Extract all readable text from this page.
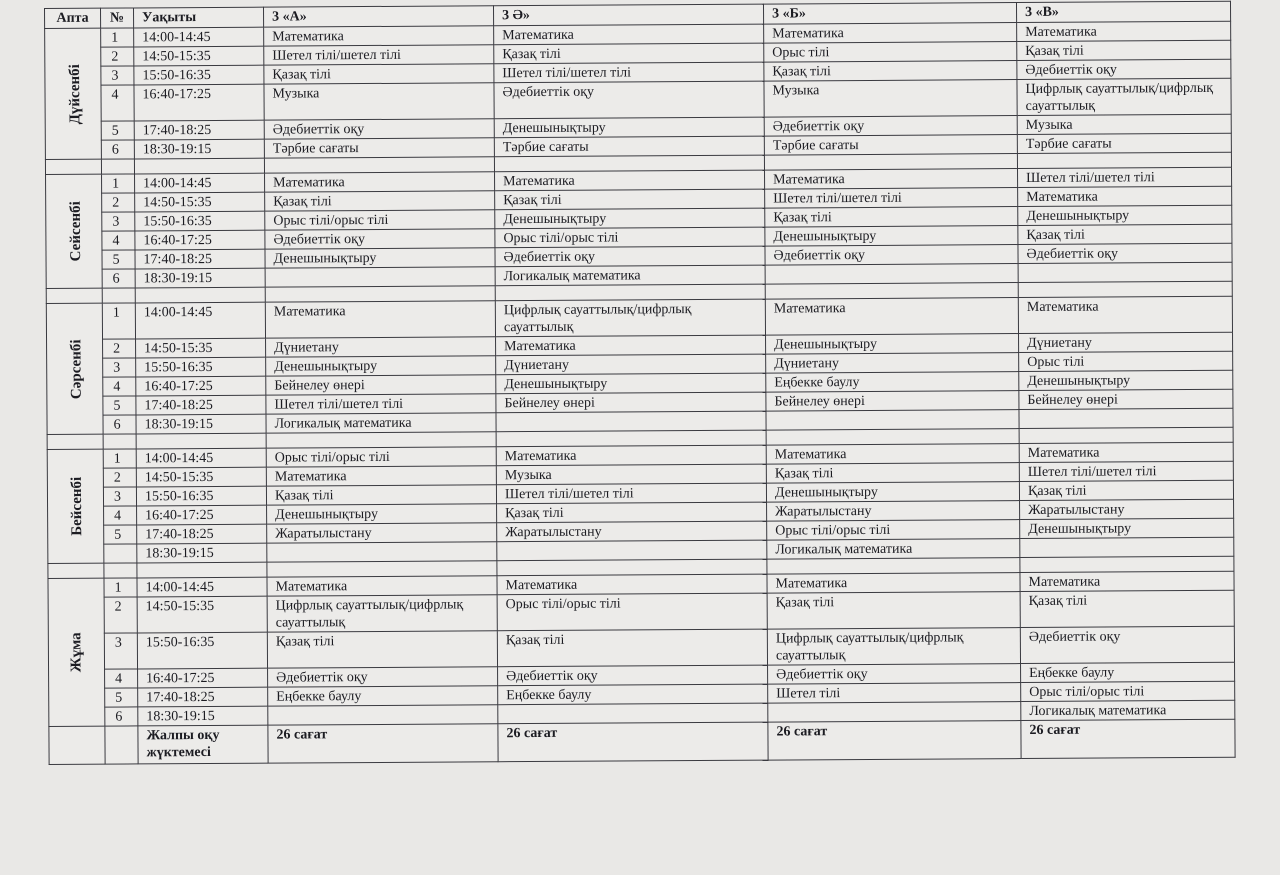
Апта	№	Уақыты	3 «А»	3 Ә»	3 «Б»	3 «В»
Дүйсенбі	1	14:00-14:45	Математика	Математика	Математика	Математика
	2	14:50-15:35	Шетел тілі/шетел тілі	Қазақ тілі	Орыс тілі	Қазақ тілі
	3	15:50-16:35	Қазақ тілі	Шетел тілі/шетел тілі	Қазақ тілі	Әдебиеттік оқу
	4	16:40-17:25	Музыка	Әдебиеттік оқу	Музыка	Цифрлық сауаттылық/цифрлық сауаттылық
	5	17:40-18:25	Әдебиеттік оқу	Денешынықтыру	Әдебиеттік оқу	Музыка
	6	18:30-19:15	Тәрбие сағаты	Тәрбие сағаты	Тәрбие сағаты	Тәрбие сағаты

Сейсенбі	1	14:00-14:45	Математика	Математика	Математика	Шетел тілі/шетел тілі
	2	14:50-15:35	Қазақ тілі	Қазақ тілі	Шетел тілі/шетел тілі	Математика
	3	15:50-16:35	Орыс тілі/орыс тілі	Денешынықтыру	Қазақ тілі	Денешынықтыру
	4	16:40-17:25	Әдебиеттік оқу	Орыс тілі/орыс тілі	Денешынықтыру	Қазақ тілі
	5	17:40-18:25	Денешынықтыру	Әдебиеттік оқу	Әдебиеттік оқу	Әдебиеттік оқу
	6	18:30-19:15		Логикалық математика		

Сәрсенбі	1	14:00-14:45	Математика	Цифрлық сауаттылық/цифрлық сауаттылық	Математика	Математика
	2	14:50-15:35	Дүниетану	Математика	Денешынықтыру	Дүниетану
	3	15:50-16:35	Денешынықтыру	Дүниетану	Дүниетану	Орыс тілі
	4	16:40-17:25	Бейнелеу өнері	Денешынықтыру	Еңбекке баулу	Денешынықтыру
	5	17:40-18:25	Шетел тілі/шетел тілі	Бейнелеу өнері	Бейнелеу өнері	Бейнелеу өнері
	6	18:30-19:15	Логикалық математика			

Бейсенбі	1	14:00-14:45	Орыс тілі/орыс тілі	Математика	Математика	Математика
	2	14:50-15:35	Математика	Музыка	Қазақ тілі	Шетел тілі/шетел тілі
	3	15:50-16:35	Қазақ тілі	Шетел тілі/шетел тілі	Денешынықтыру	Қазақ тілі
	4	16:40-17:25	Денешынықтыру	Қазақ тілі	Жаратылыстану	Жаратылыстану
	5	17:40-18:25	Жаратылыстану	Жаратылыстану	Орыс тілі/орыс тілі	Денешынықтыру
		18:30-19:15			Логикалық математика	

Жұма	1	14:00-14:45	Математика	Математика	Математика	Математика
	2	14:50-15:35	Цифрлық сауаттылық/цифрлық сауаттылық	Орыс тілі/орыс тілі	Қазақ тілі	Қазақ тілі
	3	15:50-16:35	Қазақ тілі	Қазақ тілі	Цифрлық сауаттылық/цифрлық сауаттылық	Әдебиеттік оқу
	4	16:40-17:25	Әдебиеттік оқу	Әдебиеттік оқу	Әдебиеттік оқу	Еңбекке баулу
	5	17:40-18:25	Еңбекке баулу	Еңбекке баулу	Шетел тілі	Орыс тілі/орыс тілі
	6	18:30-19:15				Логикалық математика
		Жалпы оқу жүктемесі	26 сағат	26 сағат	26 сағат	26 сағат
